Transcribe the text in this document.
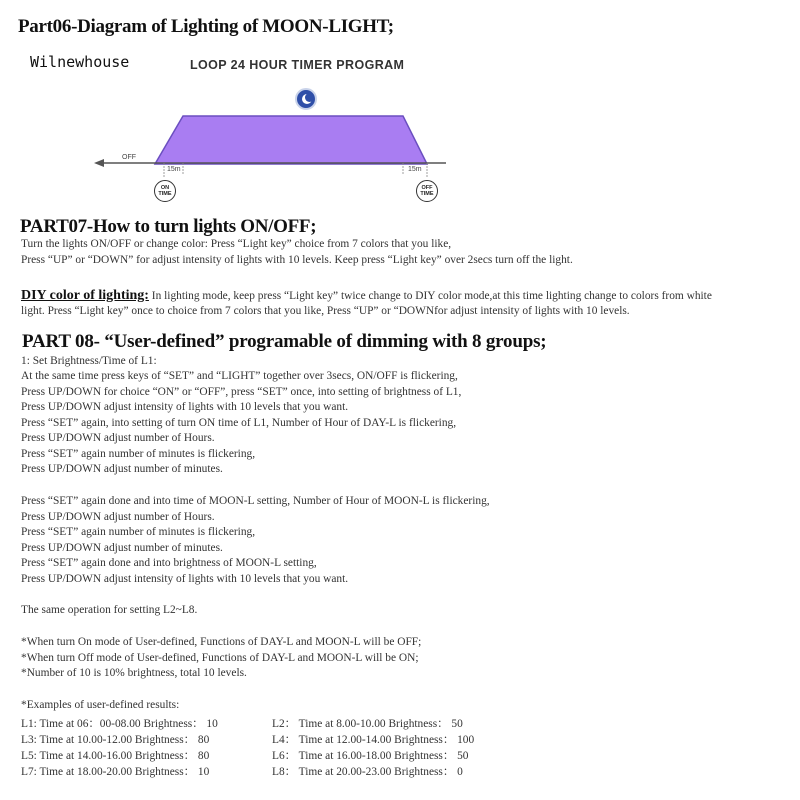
Part06-Diagram of Lighting of MOON-LIGHT;
Wilnewhouse	LOOP 24 HOUR TIMER PROGRAM
OFF
15m	15m
ON TIME
OFF TIME
PART07-How to turn lights ON/OFF;
Turn the lights ON/OFF or change color: Press “Light key” choice from 7 colors that you like,
Press “UP” or “DOWN” for adjust intensity of lights with 10 levels. Keep press “Light key” over 2secs turn off the light.
DIY color of lighting: In lighting mode, keep press “Light key” twice change to DIY color mode,at this time lighting change to colors from white
light. Press “Light key” once to choice from 7 colors that you like, Press “UP” or “DOWNfor adjust intensity of lights with 10 levels.
PART 08- “User-defined” programable of dimming with 8 groups;
1: Set Brightness/Time of L1:
At the same time press keys of “SET” and “LIGHT” together over 3secs, ON/OFF is flickering,
Press UP/DOWN for choice “ON” or “OFF”, press “SET” once, into setting of brightness of L1,
Press UP/DOWN adjust intensity of lights with 10 levels that you want.
Press “SET” again, into setting of turn ON time of L1, Number of Hour of DAY-L is flickering,
Press UP/DOWN adjust number of Hours.
Press “SET” again number of minutes is flickering,
Press UP/DOWN adjust number of minutes.
Press “SET” again done and into time of MOON-L setting, Number of Hour of MOON-L is flickering,
Press UP/DOWN adjust number of Hours.
Press “SET” again number of minutes is flickering,
Press UP/DOWN adjust number of minutes.
Press “SET” again done and into brightness of MOON-L setting,
Press UP/DOWN adjust intensity of lights with 10 levels that you want.
The same operation for setting L2~L8.
*When turn On mode of User-defined, Functions of DAY-L and MOON-L will be OFF;
*When turn Off mode of User-defined, Functions of DAY-L and MOON-L will be ON;
*Number of 10 is 10% brightness, total 10 levels.
*Examples of user-defined results:
L1: Time at 06：00-08.00 Brightness： 10
L3: Time at 10.00-12.00 Brightness： 80
L5: Time at 14.00-16.00 Brightness： 80
L7: Time at 18.00-20.00 Brightness： 10
L2： Time at 8.00-10.00 Brightness： 50
L4： Time at 12.00-14.00 Brightness： 100
L6： Time at 16.00-18.00 Brightness： 50
L8： Time at 20.00-23.00 Brightness： 0
